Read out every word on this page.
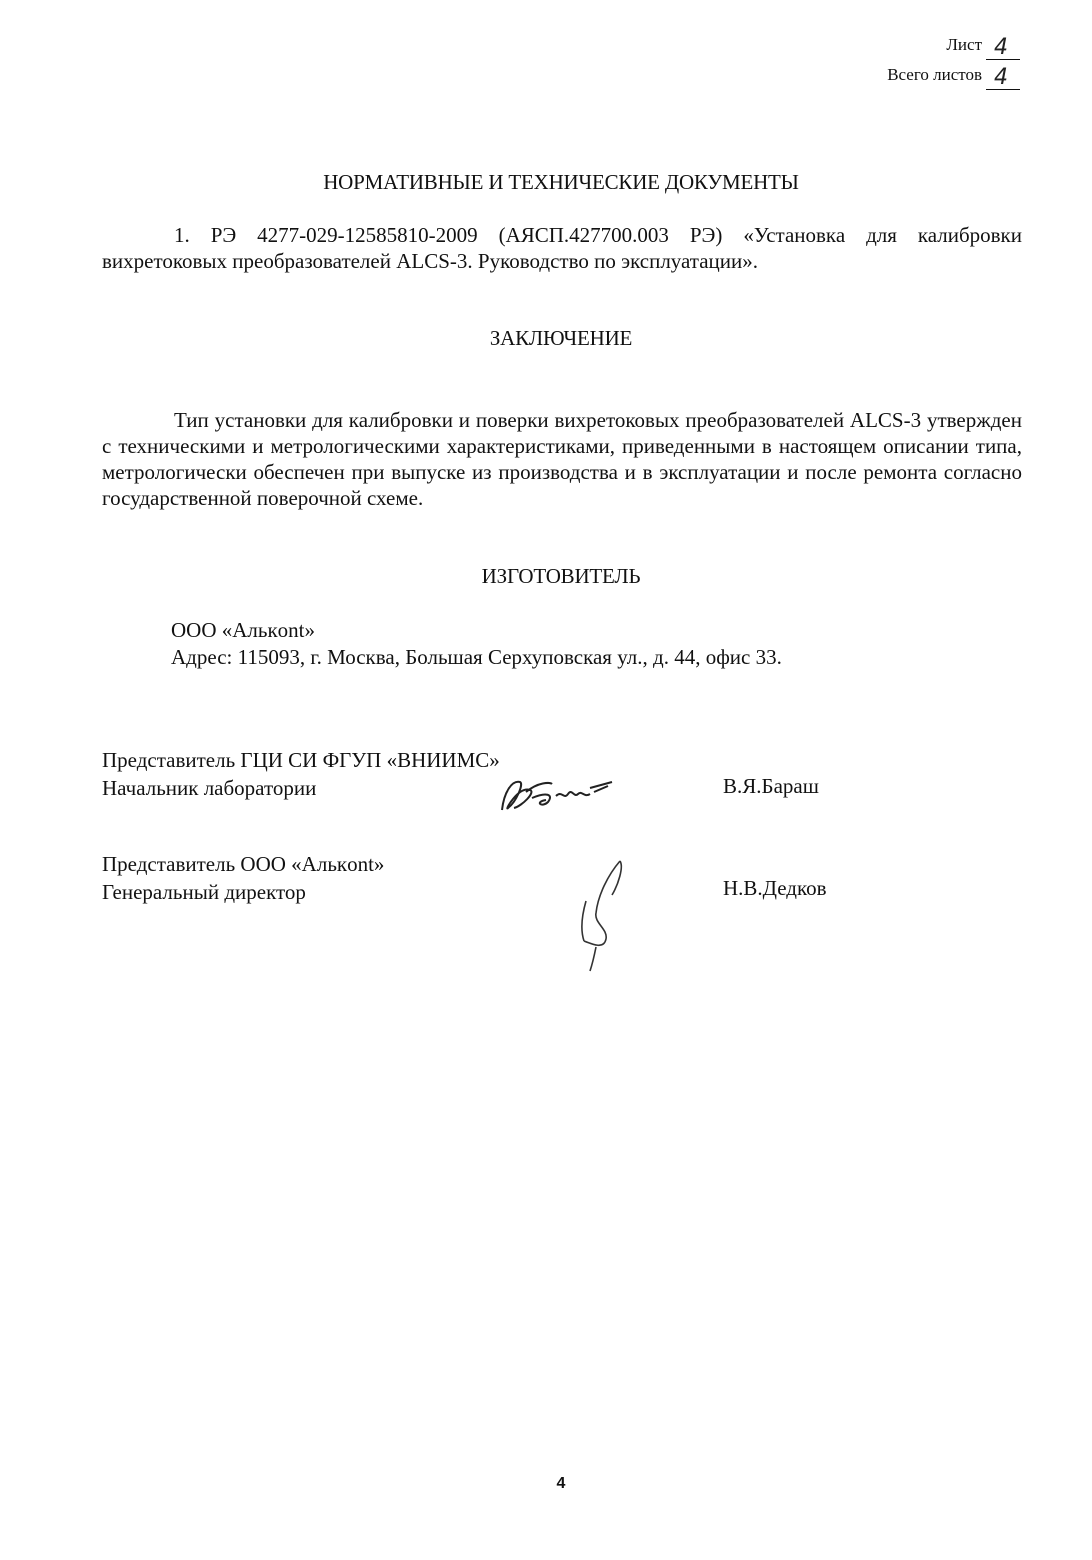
Лист 4
Всего листов 4
НОРМАТИВНЫЕ И ТЕХНИЧЕСКИЕ ДОКУМЕНТЫ
1. РЭ 4277-029-12585810-2009 (АЯСП.427700.003 РЭ) «Установка для калибровки вихретоковых преобразователей ALCS-3. Руководство по эксплуатации».
ЗАКЛЮЧЕНИЕ
Тип установки для калибровки и поверки вихретоковых преобразователей ALCS-3 утвержден с техническими и метрологическими характеристиками, приведенными в настоящем описании типа, метрологически обеспечен при выпуске из производства и в эксплуатации и после ремонта согласно государственной поверочной схеме.
ИЗГОТОВИТЕЛЬ
ООО «Алькont»
Адрес: 115093, г. Москва, Большая Серхуповская ул., д. 44, офис 33.
Представитель ГЦИ СИ ФГУП «ВНИИМС»
Начальник лаборатории	В.Я.Бараш
Представитель ООО «Алькont»
Генеральный директор	Н.В.Дедков
4
